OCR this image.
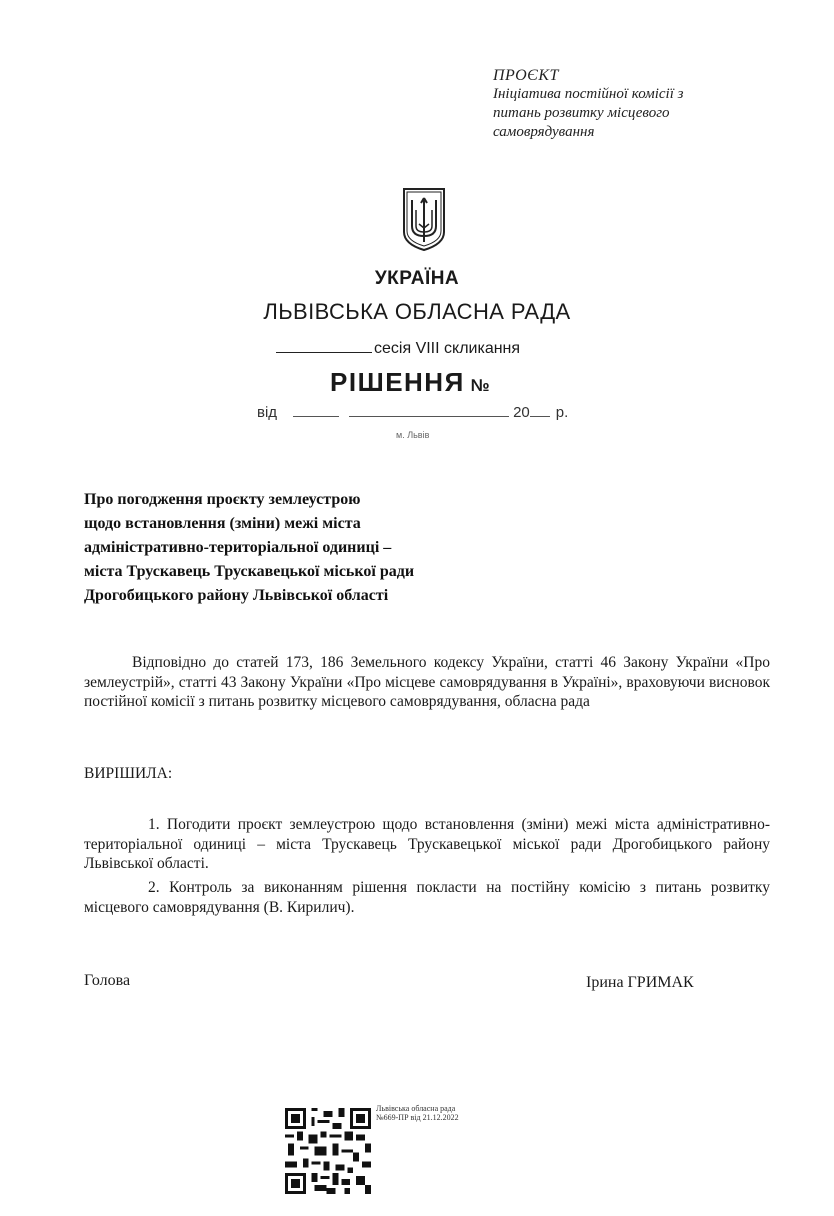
ПРОЄКТ
Ініціатива постійної комісії з
питань розвитку місцевого
самоврядування
УКРАЇНА
ЛЬВІВСЬКА ОБЛАСНА РАДА
сесія VIII скликання
РІШЕННЯ №
від	20 р.
м. Львів
Про погодження проєкту землеустрою
щодо встановлення (зміни) межі міста
адміністративно-територіальної одиниці –
міста Трускавець Трускавецької міської ради
Дрогобицького району Львівської області
Відповідно до статей 173, 186 Земельного кодексу України, статті 46 Закону України «Про землеустрій», статті 43 Закону України «Про місцеве самоврядування в Україні», враховуючи висновок постійної комісії з питань розвитку місцевого самоврядування, обласна рада
ВИРІШИЛА:
1. Погодити проєкт землеустрою щодо встановлення (зміни) межі міста адміністративно-територіальної одиниці – міста Трускавець Трускавецької міської ради Дрогобицького району Львівської області.
2. Контроль за виконанням рішення покласти на постійну комісію з питань розвитку місцевого самоврядування (В. Кирилич).
Голова	Ірина ГРИМАК
Львівська обласна рада
№669-ПР від 21.12.2022
